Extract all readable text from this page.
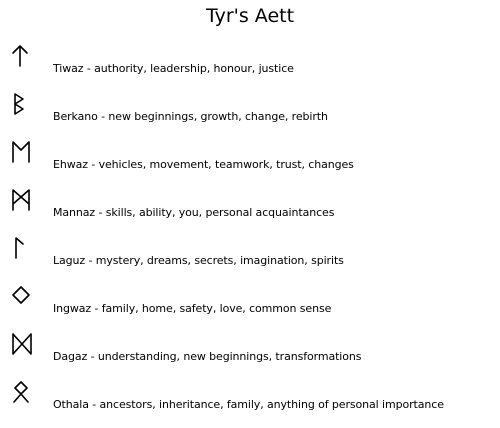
Tyr's Aett
Tiwaz - authority, leadership, honour, justice
Berkano - new beginnings, growth, change, rebirth
Ehwaz - vehicles, movement, teamwork, trust, changes
Mannaz - skills, ability, you, personal acquaintances
Laguz - mystery, dreams, secrets, imagination, spirits
Ingwaz - family, home, safety, love, common sense
Dagaz - understanding, new beginnings, transformations
Othala - ancestors, inheritance, family, anything of personal importance
